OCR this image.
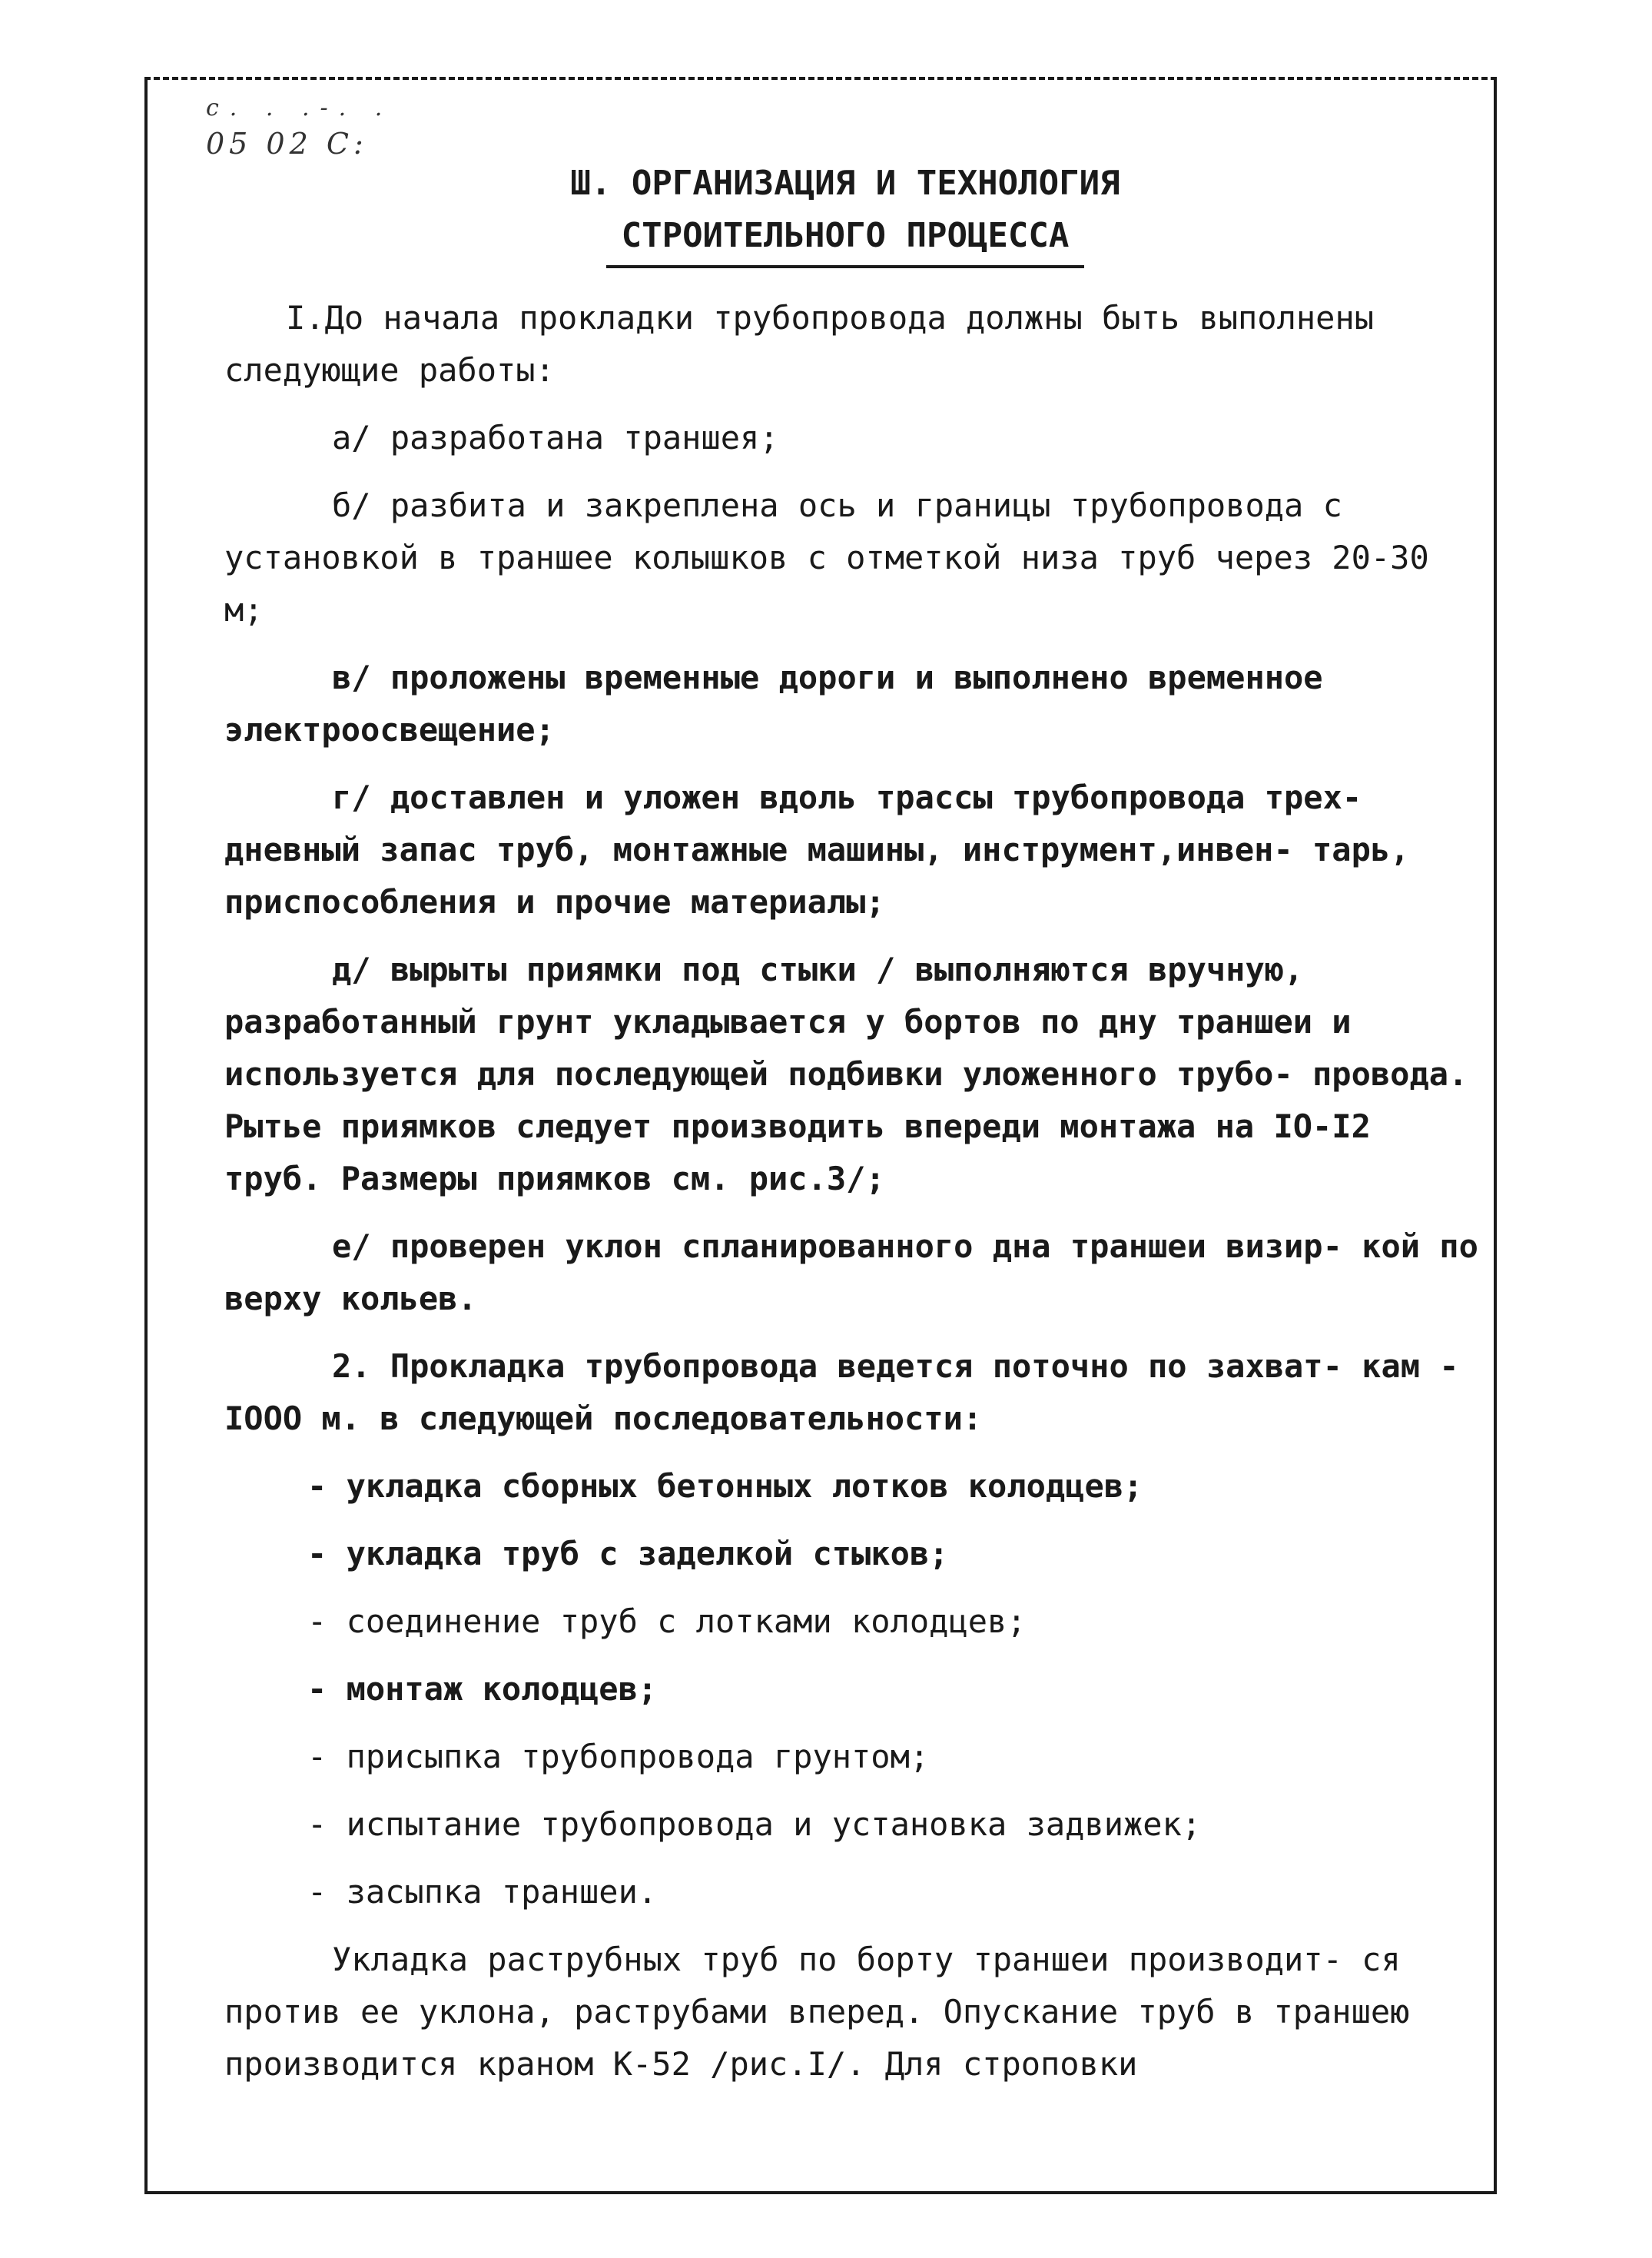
с. . .-. .
05 02 С:
Ш. ОРГАНИЗАЦИЯ И ТЕХНОЛОГИЯ
СТРОИТЕЛЬНОГО ПРОЦЕССА

I.До начала прокладки трубопровода должны быть выполнены следующие работы:

а/ разработана траншея;

б/ разбита и закреплена ось и границы трубопровода с установкой в траншее колышков с отметкой низа труб через 20-30 м;

в/ проложены временные дороги и выполнено временное электроосвещение;

г/ доставлен и уложен вдоль трассы трубопровода трех- дневный запас труб, монтажные машины, инструмент,инвен- тарь, приспособления и прочие материалы;

д/ вырыты приямки под стыки / выполняются вручную, разработанный грунт укладывается у бортов по дну траншеи и используется для последующей подбивки уложенного трубо- провода. Рытье приямков следует производить впереди монтажа на IO-I2 труб. Размеры приямков см. рис.3/;

е/ проверен уклон спланированного дна траншеи визир- кой по верху кольев.

2. Прокладка трубопровода ведется поточно по захват- кам - IOOO м. в следующей последовательности:

- укладка сборных бетонных лотков колодцев;

- укладка труб с заделкой стыков;

- соединение труб с лотками колодцев;

- монтаж колодцев;

- присыпка трубопровода грунтом;

- испытание трубопровода и установка задвижек;

- засыпка траншеи.

Укладка раструбных труб по борту траншеи производит- ся против ее уклона, раструбами вперед. Опускание труб в траншею производится краном К-52 /рис.I/. Для строповки
